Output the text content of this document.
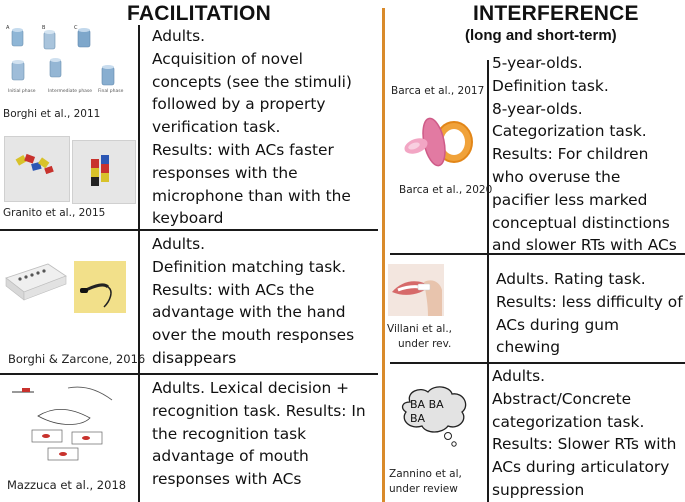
FACILITATION	INTERFERENCE
(long and short-term)
A	B	C
Initial phase	Intermediate phase Final phase
Borghi et al., 2011
Granito et al., 2015
Adults.
Acquisition of novel
concepts (see the stimuli)
followed by a property
verification task.
Results: with ACs faster
responses with the
microphone than with the
keyboard
Borghi & Zarcone, 2016
Adults.
Definition matching task.
Results: with ACs the
advantage with the hand
over the mouth responses
disappears
Mazzuca et al., 2018
Adults. Lexical decision +
recognition task. Results: In
the recognition task
advantage of mouth
responses with ACs
Barca et al., 2017
Barca et al., 2020
5-year-olds.
Definition task.
8-year-olds.
Categorization task.
Results: For children
who overuse the
pacifier less marked
conceptual distinctions
and slower RTs with ACs
Villani et al.,
under rev.
Adults. Rating task.
Results: less difficulty of
ACs during gum
chewing
BA BA
BA
Zannino et al,
under review
Adults.
Abstract/Concrete
categorization task.
Results: Slower RTs with
ACs during articulatory
suppression
